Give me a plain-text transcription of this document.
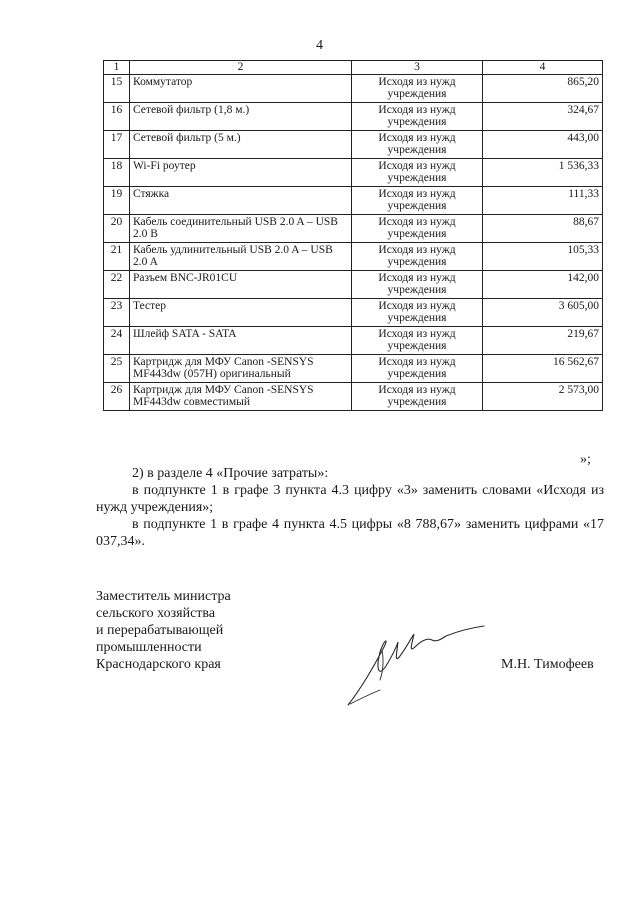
4
1	2	3	4
15	Коммутатор	Исходя из нужд учреждения	865,20
16	Сетевой фильтр (1,8 м.)	Исходя из нужд учреждения	324,67
17	Сетевой фильтр (5 м.)	Исходя из нужд учреждения	443,00
18	Wi-Fi роутер	Исходя из нужд учреждения	1 536,33
19	Стяжка	Исходя из нужд учреждения	111,33
20	Кабель соединительный USB 2.0 A – USB 2.0 B	Исходя из нужд учреждения	88,67
21	Кабель удлинительный USB 2.0 A – USB 2.0 A	Исходя из нужд учреждения	105,33
22	Разъем BNC-JR01CU	Исходя из нужд учреждения	142,00
23	Тестер	Исходя из нужд учреждения	3 605,00
24	Шлейф SATA - SATA	Исходя из нужд учреждения	219,67
25	Картридж для МФУ Canon -SENSYS MF443dw (057H) оригинальный	Исходя из нужд учреждения	16 562,67
26	Картридж для МФУ Canon -SENSYS MF443dw совместимый	Исходя из нужд учреждения	2 573,00
»;

2) в разделе 4 «Прочие затраты»:

в подпункте 1 в графе 3 пункта 4.3 цифру «3» заменить словами «Исходя из нужд учреждения»;

в подпункте 1 в графе 4 пункта 4.5 цифры «8 788,67» заменить цифрами «17 037,34».

Заместитель министра
сельского хозяйства
и перерабатывающей
промышленности
Краснодарского края	М.Н. Тимофеев
